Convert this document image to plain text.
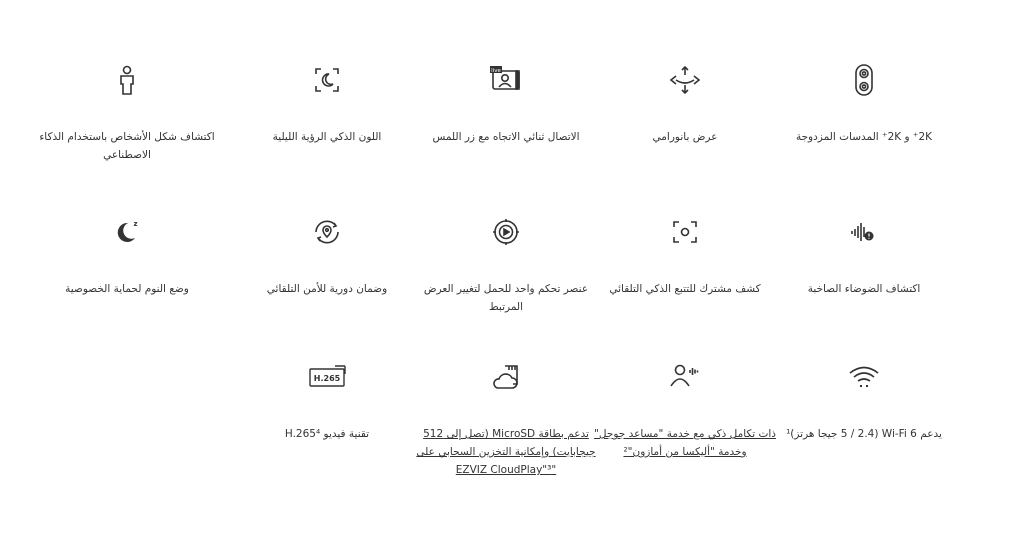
2K⁺ و 2K⁺ المدسات المزدوجة
عرض بانورامي
live
الاتصال ثنائي الاتجاه مع زر اللمس
اللون الذكي الرؤية الليلية
اكتشاف شكل الأشخاص باستخدام الذكاء الاصطناعي
اكتشاف الضوضاء الصاخبة
كشف مشترك للتتبع الذكي التلقائي
عنصر تحكم واحد للحمل لتغيير العرض المرتبط
وضمان دورية للأمن التلقائي
z
وضع النوم لحماية الخصوصية
يدعم Wi-Fi 6 (5 / 2.4 جيجا هرتز)¹
ذات تكامل ذكي مع خدمة "مساعد جوجل" وخدمة "أليكسا من أمازون"²
تدعم بطاقة MicroSD (تصل إلى 512 جيجابايت) وإمكانية التخزين السحابي على "EZVIZ CloudPlay"³
H.265
تقنية فيديو H.265⁴
